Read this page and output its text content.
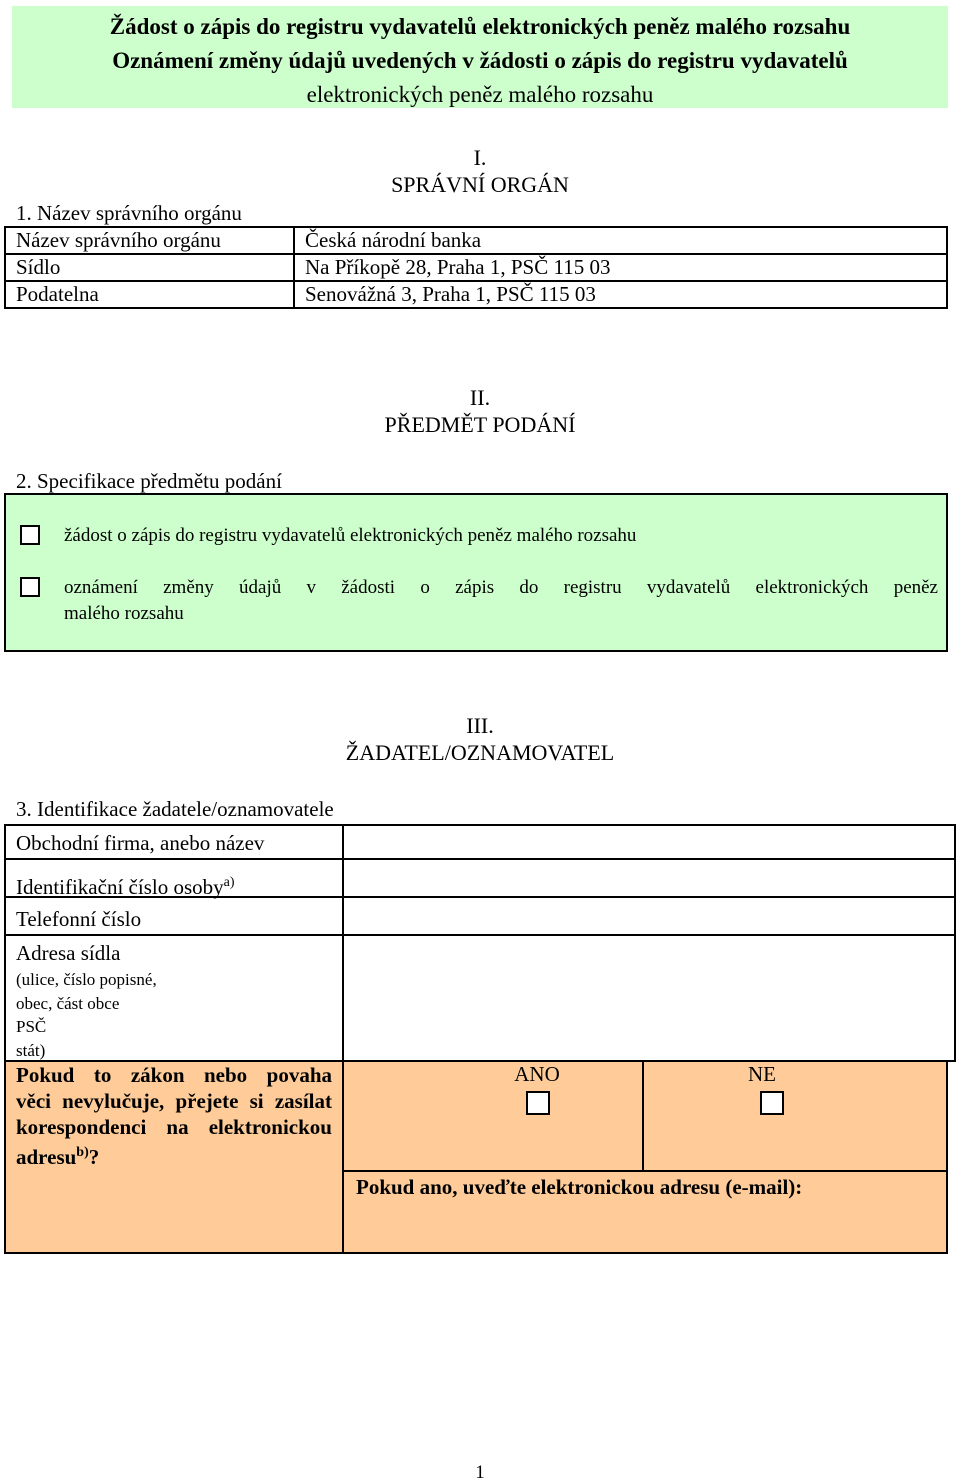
Žádost o zápis do registru vydavatelů elektronických peněz malého rozsahu
Oznámení změny údajů uvedených v žádosti o zápis do registru vydavatelů
elektronických peněz malého rozsahu
I.
SPRÁVNÍ ORGÁN
1. Název správního orgánu
Název správního orgánu	Česká národní banka
Sídlo	Na Příkopě 28, Praha 1, PSČ 115 03
Podatelna	Senovážná 3, Praha 1, PSČ 115 03
II.
PŘEDMĚT PODÁNÍ
2. Specifikace předmětu podání
žádost o zápis do registru vydavatelů elektronických peněz malého rozsahu
oznámení změny údajů v žádosti o zápis do registru vydavatelů elektronických peněz
malého rozsahu
III.
ŽADATEL/OZNAMOVATEL
3. Identifikace žadatele/oznamovatele
Obchodní firma, anebo název
Identifikační číslo osoby$^{a)}$
Telefonní číslo
Adresa sídla
(ulice, číslo popisné,
obec, část obce
PSČ
stát)
Pokud to zákon nebo povaha
věci nevylučuje, přejete si zasílat
korespondenci na elektronickou
adresu$^{b)}$?
ANO	NE
Pokud ano, uveďte elektronickou adresu (e-mail):
1
